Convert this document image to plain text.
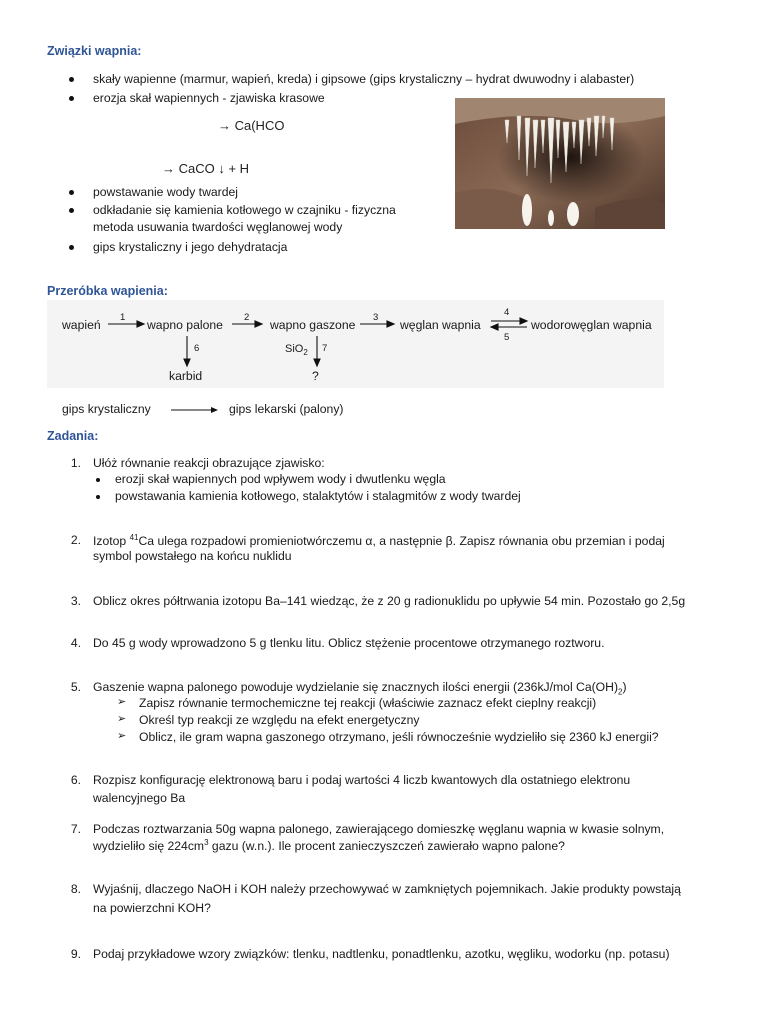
Związki wapnia:
skały wapienne (marmur, wapień, kreda) i gipsowe (gips krystaliczny – hydrat dwuwodny i alabaster)
erozja skał wapiennych - zjawiska krasowe
→ Ca(HCO
→ CaCO ↓ + H
powstawanie wody twardej
odkładanie się kamienia kotłowego w czajniku - fizyczna
metoda usuwania twardości węglanowej wody
gips krystaliczny i jego dehydratacja
Przeróbka wapienia:
wapień	wapno palone	wapno gaszone	węglan wapnia	wodorowęglan wapnia
karbid	?
SiO$_2$
1	2	3	4
5
6	7
gips krystaliczny	gips lekarski (palony)
Zadania:
1. Ułóż równanie reakcji obrazujące zjawisko:
erozji skał wapiennych pod wpływem wody i dwutlenku węgla
powstawania kamienia kotłowego, stalaktytów i stalagmitów z wody twardej
2. Izotop $^{41}$Ca ulega rozpadowi promieniotwórczemu α, a następnie β. Zapisz równania obu przemian i podaj
symbol powstałego na końcu nuklidu
3. Oblicz okres półtrwania izotopu Ba–141 wiedząc, że z 20 g radionuklidu po upływie 54 min. Pozostało go 2,5g
4. Do 45 g wody wprowadzono 5 g tlenku litu. Oblicz stężenie procentowe otrzymanego roztworu.
5. Gaszenie wapna palonego powoduje wydzielanie się znacznych ilości energii (236kJ/mol $Ca(OH)_2$)
➢ Zapisz równanie termochemiczne tej reakcji (właściwie zaznacz efekt cieplny reakcji)
➢ Określ typ reakcji ze względu na efekt energetyczny
➢ Oblicz, ile gram wapna gaszonego otrzymano, jeśli równocześnie wydzieliło się 2360 kJ energii?
6. Rozpisz konfigurację elektronową baru i podaj wartości 4 liczb kwantowych dla ostatniego elektronu
walencyjnego Ba
7. Podczas roztwarzania 50g wapna palonego, zawierającego domieszkę węglanu wapnia w kwasie solnym,
wydzieliło się $224cm^3$ gazu (w.n.). Ile procent zanieczyszczeń zawierało wapno palone?
8. Wyjaśnij, dlaczego NaOH i KOH należy przechowywać w zamkniętych pojemnikach. Jakie produkty powstają
na powierzchni KOH?
9. Podaj przykładowe wzory związków: tlenku, nadtlenku, ponadtlenku, azotku, węgliku, wodorku (np. potasu)
